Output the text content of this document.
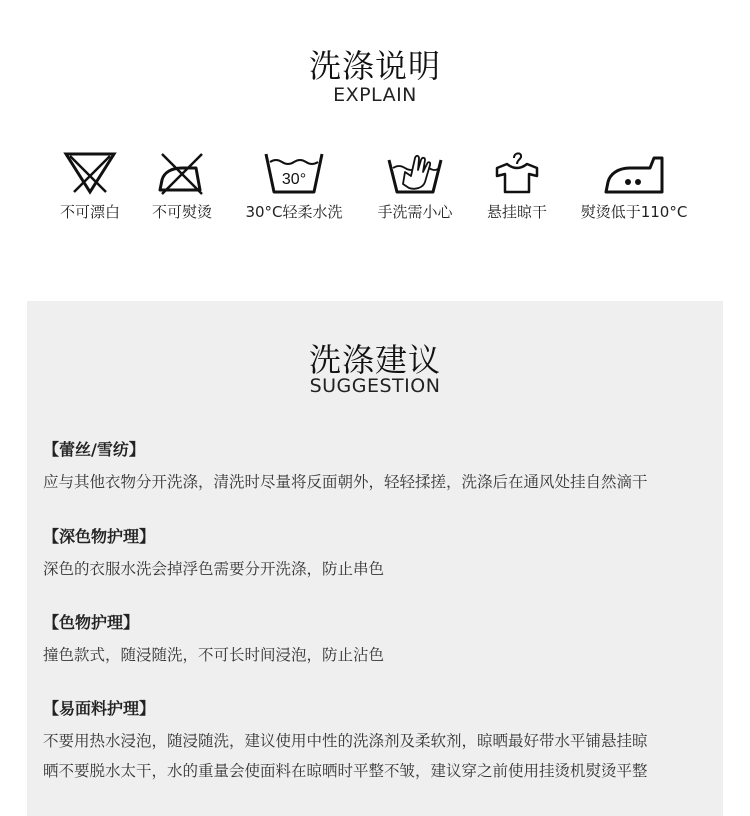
洗涤说明
EXPLAIN
不可漂白	不可熨烫
30°
30°C轻柔水洗	手洗需小心	悬挂晾干	熨烫低于110°C
洗涤建议
SUGGESTION
【蕾丝/雪纺】
应与其他衣物分开洗涤，清洗时尽量将反面朝外，轻轻揉搓，洗涤后在通风处挂自然滴干
【深色物护理】
深色的衣服水洗会掉浮色需要分开洗涤，防止串色
【色物护理】
撞色款式，随浸随洗，不可长时间浸泡，防止沾色
【易面料护理】
不要用热水浸泡，随浸随洗，建议使用中性的洗涤剂及柔软剂，晾晒最好带水平铺悬挂晾
晒不要脱水太干，水的重量会使面料在晾晒时平整不皱，建议穿之前使用挂烫机熨烫平整
